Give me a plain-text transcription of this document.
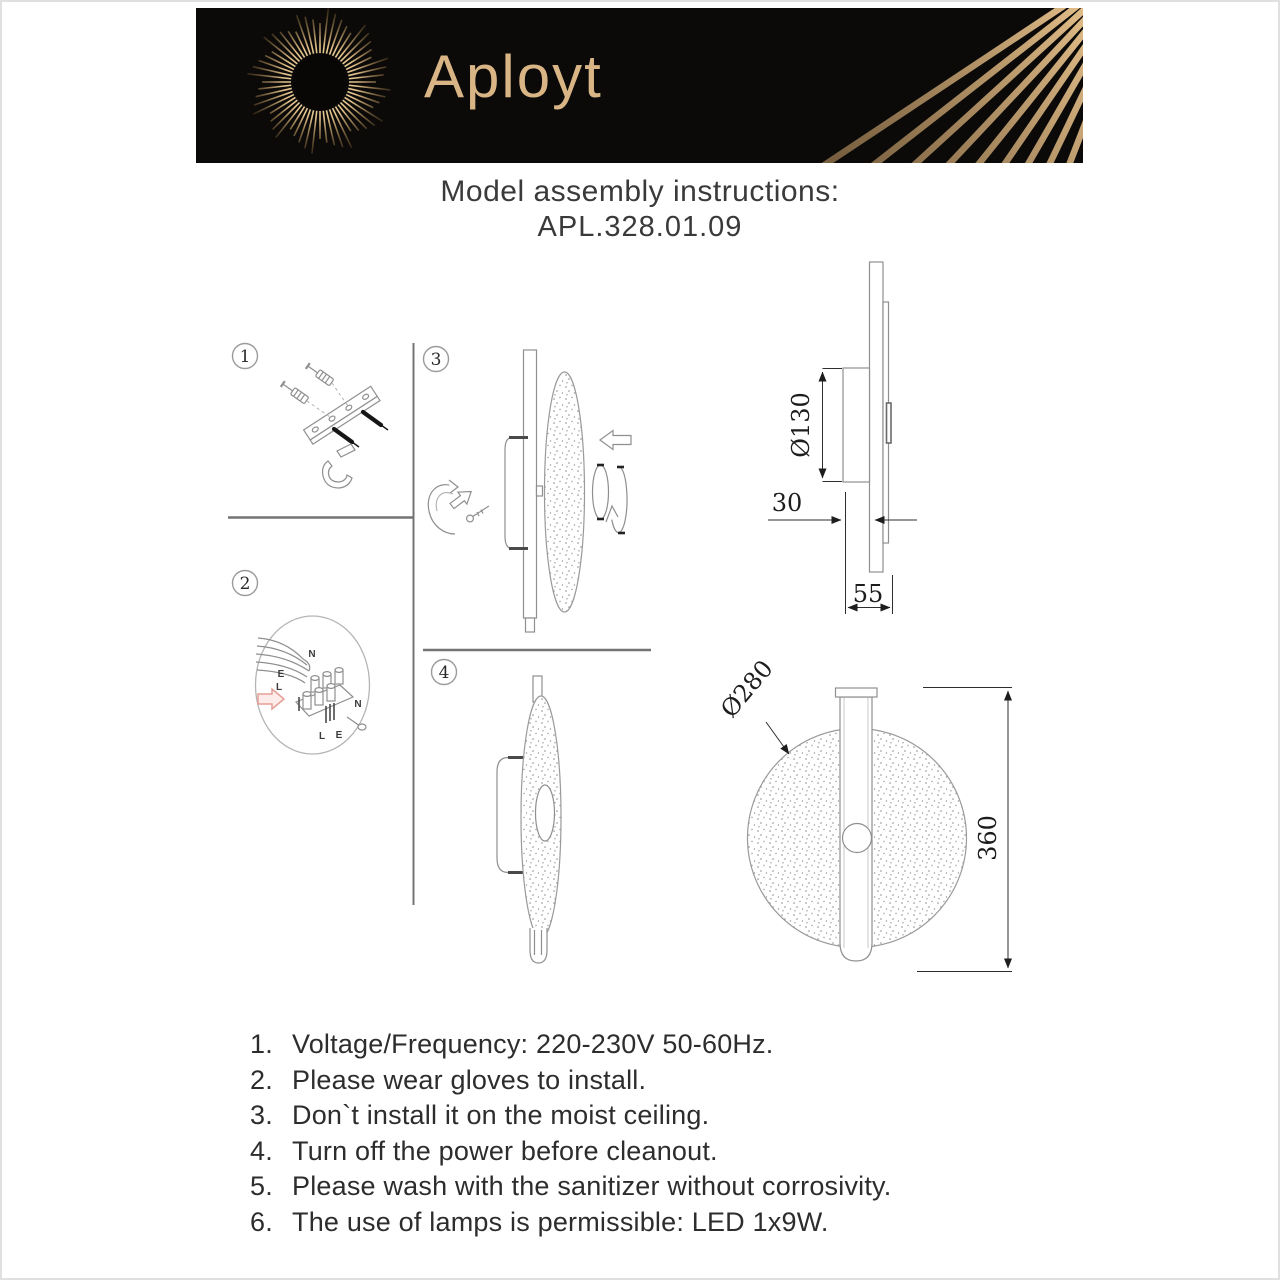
Aployt
Model assembly instructions:
APL.328.01.09
1
2
3
4
N
E
L
L E
N
Ø130
30
55
360
Ø280
1. Voltage/Frequency: 220-230V 50-60Hz.
2. Please wear gloves to install.
3. Don`t install it on the moist ceiling.
4. Turn off the power before cleanout.
5. Please wash with the sanitizer without corrosivity.
6. The use of lamps is permissible: LED 1x9W.
